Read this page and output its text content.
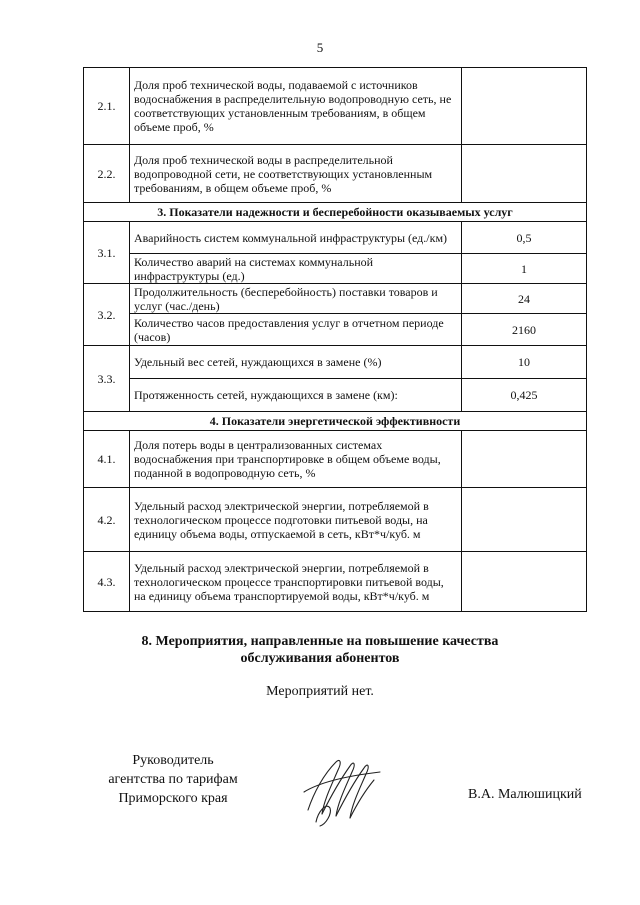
5
2.1.	Доля проб технической воды, подаваемой с источников водоснабжения в распределительную водопроводную сеть, не соответствующих установленным требованиям, в общем объеме проб, %	
2.2.	Доля проб технической воды в распределительной водопроводной сети, не соответствующих установленным требованиям, в общем объеме проб, %	
3. Показатели надежности и бесперебойности оказываемых услуг		
3.1.	Аварийность систем коммунальной инфраструктуры (ед./км)	0,5
	Количество аварий на системах коммунальной инфраструктуры (ед.)	1
3.2.	Продолжительность (бесперебойность) поставки товаров и услуг (час./день)	24
	Количество часов предоставления услуг в отчетном периоде (часов)	2160
3.3.	Удельный вес сетей, нуждающихся в замене (%)	10
	Протяженность сетей, нуждающихся в замене (км):	0,425
4. Показатели энергетической эффективности		
4.1.	Доля потерь воды в централизованных системах водоснабжения при транспортировке в общем объеме воды, поданной в водопроводную сеть, %	
4.2.	Удельный расход электрической энергии, потребляемой в технологическом процессе подготовки питьевой воды, на единицу объема воды, отпускаемой в сеть, кВт*ч/куб. м	
4.3.	Удельный расход электрической энергии, потребляемой в технологическом процессе транспортировки питьевой воды, на единицу объема транспортируемой воды, кВт*ч/куб. м	
8. Мероприятия, направленные на повышение качества
обслуживания абонентов
Мероприятий нет.
Руководитель
агентства по тарифам
Приморского края	В.А. Малюшицкий
